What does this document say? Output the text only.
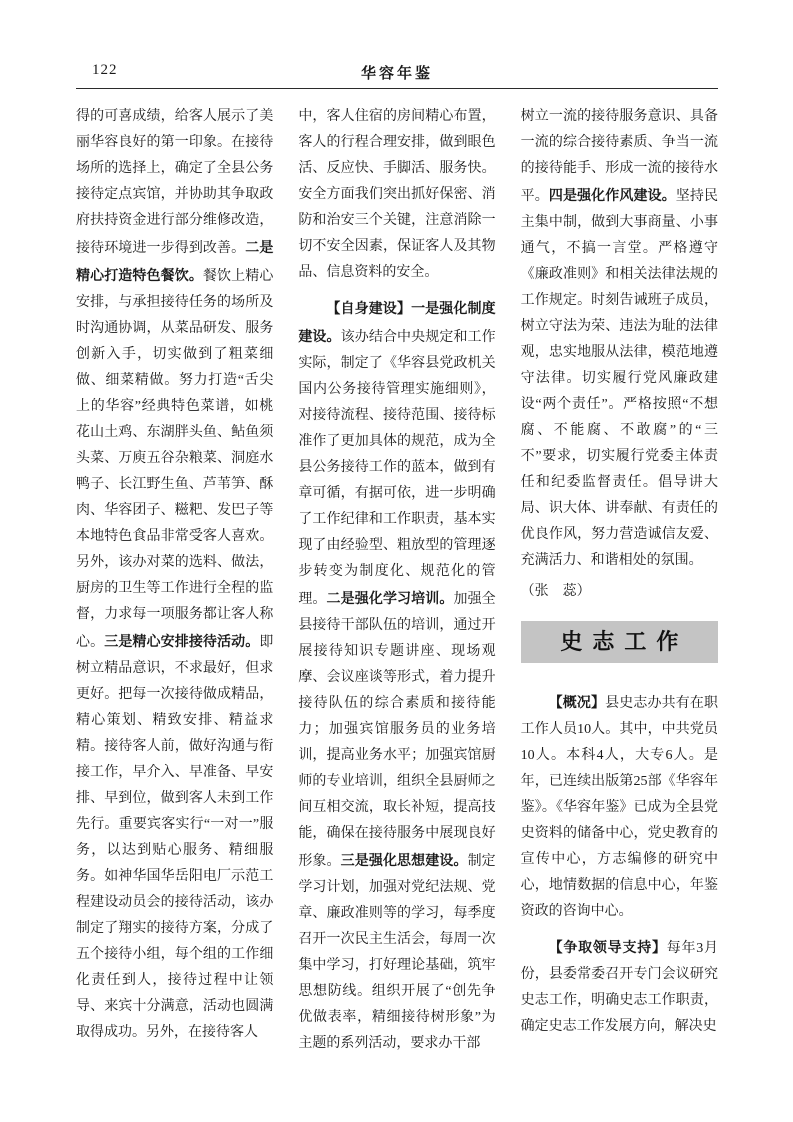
122	华容年鉴

得的可喜成绩，给客人展示了美丽华容良好的第一印象。在接待场所的选择上，确定了全县公务接待定点宾馆，并协助其争取政府扶持资金进行部分维修改造，接待环境进一步得到改善。二是精心打造特色餐饮。餐饮上精心安排，与承担接待任务的场所及时沟通协调，从菜品研发、服务创新入手，切实做到了粗菜细做、细菜精做。努力打造“舌尖上的华容”经典特色菜谱，如桃花山土鸡、东湖胖头鱼、鲇鱼须头菜、万庾五谷杂粮菜、洞庭水鸭子、长江野生鱼、芦苇笋、酥肉、华容团子、糍粑、发巴子等本地特色食品非常受客人喜欢。另外，该办对菜的选料、做法，厨房的卫生等工作进行全程的监督，力求每一项服务都让客人称心。三是精心安排接待活动。即树立精品意识，不求最好，但求更好。把每一次接待做成精品，精心策划、精致安排、精益求精。接待客人前，做好沟通与衔接工作，早介入、早准备、早安排、早到位，做到客人未到工作先行。重要宾客实行“一对一”服务，以达到贴心服务、精细服务。如神华国华岳阳电厂示范工程建设动员会的接待活动，该办制定了翔实的接待方案，分成了五个接待小组，每个组的工作细化责任到人，接待过程中让领导、来宾十分满意，活动也圆满取得成功。另外，在接待客人

中，客人住宿的房间精心布置，客人的行程合理安排，做到眼色活、反应快、手脚活、服务快。安全方面我们突出抓好保密、消防和治安三个关键，注意消除一切不安全因素，保证客人及其物品、信息资料的安全。

【自身建设】一是强化制度建设。该办结合中央规定和工作实际，制定了《华容县党政机关国内公务接待管理实施细则》，对接待流程、接待范围、接待标准作了更加具体的规范，成为全县公务接待工作的蓝本，做到有章可循，有据可依，进一步明确了工作纪律和工作职责，基本实现了由经验型、粗放型的管理逐步转变为制度化、规范化的管理。二是强化学习培训。加强全县接待干部队伍的培训，通过开展接待知识专题讲座、现场观摩、会议座谈等形式，着力提升接待队伍的综合素质和接待能力；加强宾馆服务员的业务培训，提高业务水平；加强宾馆厨师的专业培训，组织全县厨师之间互相交流，取长补短，提高技能，确保在接待服务中展现良好形象。三是强化思想建设。制定学习计划，加强对党纪法规、党章、廉政准则等的学习，每季度召开一次民主生活会，每周一次集中学习，打好理论基础，筑牢思想防线。组织开展了“创先争优做表率，精细接待树形象”为主题的系列活动，要求办干部

树立一流的接待服务意识、具备一流的综合接待素质、争当一流的接待能手、形成一流的接待水平。四是强化作风建设。坚持民主集中制，做到大事商量、小事通气，不搞一言堂。严格遵守《廉政准则》和相关法律法规的工作规定。时刻告诫班子成员，树立守法为荣、违法为耻的法律观，忠实地服从法律，模范地遵守法律。切实履行党风廉政建设“两个责任”。严格按照“不想腐、不能腐、不敢腐”的“三不”要求，切实履行党委主体责任和纪委监督责任。倡导讲大局、识大体、讲奉献、有责任的优良作风，努力营造诚信友爱、充满活力、和谐相处的氛围。

（张　蕊）

史志工作

【概况】县史志办共有在职工作人员10人。其中，中共党员10人。本科4人，大专6人。是年，已连续出版第25部《华容年鉴》。《华容年鉴》已成为全县党史资料的储备中心，党史教育的宣传中心，方志编修的研究中心，地情数据的信息中心，年鉴资政的咨询中心。

【争取领导支持】每年3月份，县委常委召开专门会议研究史志工作，明确史志工作职责，确定史志工作发展方向，解决史
